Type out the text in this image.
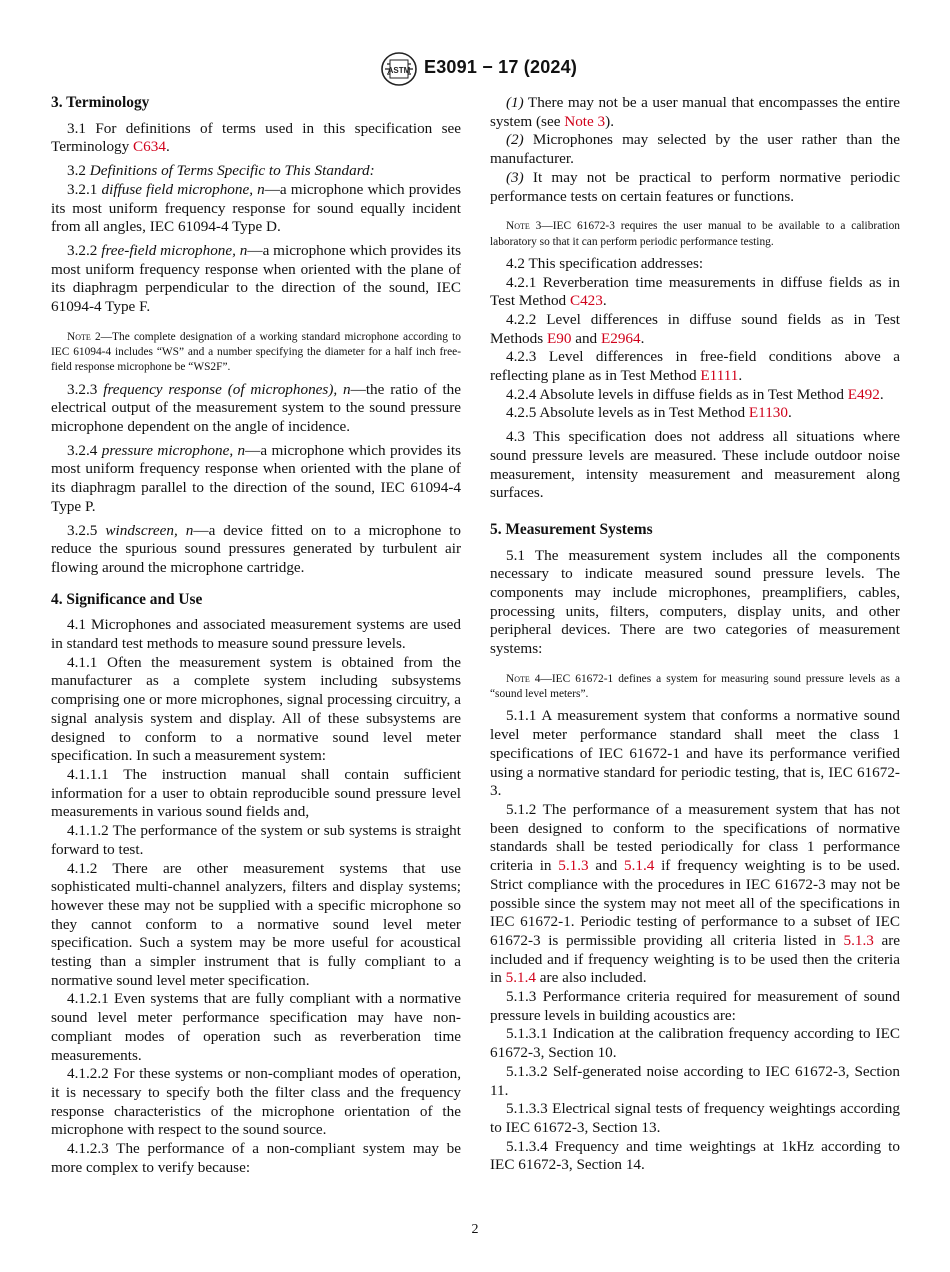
ASTM E3091 − 17 (2024)

3. Terminology

3.1 For definitions of terms used in this specification see Terminology C634.

3.2 Definitions of Terms Specific to This Standard:

3.2.1 diffuse field microphone, n—a microphone which provides its most uniform frequency response for sound equally incident from all angles, IEC 61094-4 Type D.

3.2.2 free-field microphone, n—a microphone which provides its most uniform frequency response when oriented with the plane of its diaphragm perpendicular to the direction of the sound, IEC 61094-4 Type F.

Note 2—The complete designation of a working standard microphone according to IEC 61094-4 includes “WS” and a number specifying the diameter for a half inch free-field response microphone be “WS2F”.

3.2.3 frequency response (of microphones), n—the ratio of the electrical output of the measurement system to the sound pressure microphone dependent on the angle of incidence.

3.2.4 pressure microphone, n—a microphone which provides its most uniform frequency response when oriented with the plane of its diaphragm parallel to the direction of the sound, IEC 61094-4 Type P.

3.2.5 windscreen, n—a device fitted on to a microphone to reduce the spurious sound pressures generated by turbulent air flowing around the microphone cartridge.

4. Significance and Use

4.1 Microphones and associated measurement systems are used in standard test methods to measure sound pressure levels.

4.1.1 Often the measurement system is obtained from the manufacturer as a complete system including subsystems comprising one or more microphones, signal processing circuitry, a signal analysis system and display. All of these subsystems are designed to conform to a normative sound level meter specification. In such a measurement system:

4.1.1.1 The instruction manual shall contain sufficient information for a user to obtain reproducible sound pressure level measurements in various sound fields and,

4.1.1.2 The performance of the system or sub systems is straight forward to test.

4.1.2 There are other measurement systems that use sophisticated multi-channel analyzers, filters and display systems; however these may not be supplied with a specific microphone so they cannot conform to a normative sound level meter specification. Such a system may be more useful for acoustical testing than a simpler instrument that is fully compliant to a normative sound level meter specification.

4.1.2.1 Even systems that are fully compliant with a normative sound level meter performance specification may have non-compliant modes of operation such as reverberation time measurements.

4.1.2.2 For these systems or non-compliant modes of operation, it is necessary to specify both the filter class and the frequency response characteristics of the microphone orientation of the microphone with respect to the sound source.

4.1.2.3 The performance of a non-compliant system may be more complex to verify because:

(1) There may not be a user manual that encompasses the entire system (see Note 3).

(2) Microphones may selected by the user rather than the manufacturer.

(3) It may not be practical to perform normative periodic performance tests on certain features or functions.

Note 3—IEC 61672-3 requires the user manual to be available to a calibration laboratory so that it can perform periodic performance testing.

4.2 This specification addresses:

4.2.1 Reverberation time measurements in diffuse fields as in Test Method C423.

4.2.2 Level differences in diffuse sound fields as in Test Methods E90 and E2964.

4.2.3 Level differences in free-field conditions above a reflecting plane as in Test Method E1111.

4.2.4 Absolute levels in diffuse fields as in Test Method E492.

4.2.5 Absolute levels as in Test Method E1130.

4.3 This specification does not address all situations where sound pressure levels are measured. These include outdoor noise measurement, intensity measurement and measurement along surfaces.

5. Measurement Systems

5.1 The measurement system includes all the components necessary to indicate measured sound pressure levels. The components may include microphones, preamplifiers, cables, processing units, filters, computers, display units, and other peripheral devices. There are two categories of measurement systems:

Note 4—IEC 61672-1 defines a system for measuring sound pressure levels as a “sound level meters”.

5.1.1 A measurement system that conforms a normative sound level meter performance standard shall meet the class 1 specifications of IEC 61672-1 and have its performance verified using a normative standard for periodic testing, that is, IEC 61672-3.

5.1.2 The performance of a measurement system that has not been designed to conform to the specifications of normative standards shall be tested periodically for class 1 performance criteria in 5.1.3 and 5.1.4 if frequency weighting is to be used. Strict compliance with the procedures in IEC 61672-3 may not be possible since the system may not meet all of the specifications in IEC 61672-1. Periodic testing of performance to a subset of IEC 61672-3 is permissible providing all criteria listed in 5.1.3 are included and if frequency weighting is to be used then the criteria in 5.1.4 are also included.

5.1.3 Performance criteria required for measurement of sound pressure levels in building acoustics are:

5.1.3.1 Indication at the calibration frequency according to IEC 61672-3, Section 10.

5.1.3.2 Self-generated noise according to IEC 61672-3, Section 11.

5.1.3.3 Electrical signal tests of frequency weightings according to IEC 61672-3, Section 13.

5.1.3.4 Frequency and time weightings at 1kHz according to IEC 61672-3, Section 14.

2
